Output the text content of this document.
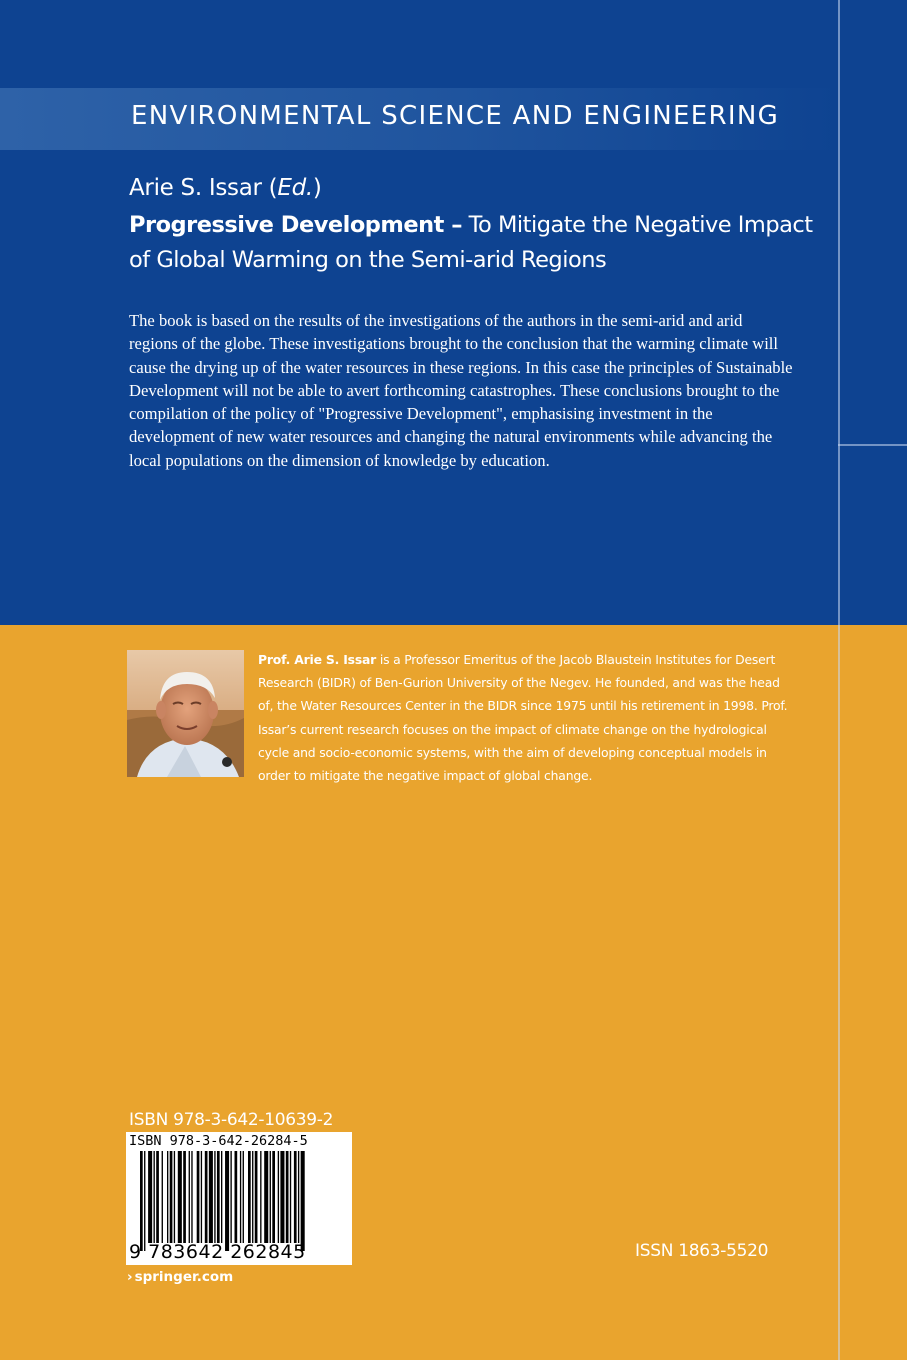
ENVIRONMENTAL SCIENCE AND ENGINEERING
Arie S. Issar (Ed.)
Progressive Development – To Mitigate the Negative Impact of Global Warming on the Semi-arid Regions
The book is based on the results of the investigations of the authors in the semi-arid and arid regions of the globe. These investigations brought to the conclusion that the warming climate will cause the drying up of the water resources in these regions. In this case the principles of Sustainable Development will not be able to avert forthcoming catastrophes. These conclusions brought to the compilation of the policy of "Progressive Development", emphasising investment in the development of new water resources and changing the natural environments while advancing the local populations on the dimension of knowledge by education.
Prof. Arie S. Issar is a Professor Emeritus of the Jacob Blaustein Institutes for Desert Research (BIDR) of Ben-Gurion University of the Negev. He founded, and was the head of, the Water Resources Center in the BIDR since 1975 until his retirement in 1998. Prof. Issar’s current research focuses on the impact of climate change on the hydrological cycle and socio-economic systems, with the aim of developing conceptual models in order to mitigate the negative impact of global change.
ISBN 978-3-642-10639-2
ISBN 978-3-642-26284-5
9 783642 262845
› springer.com
ISSN 1863-5520
